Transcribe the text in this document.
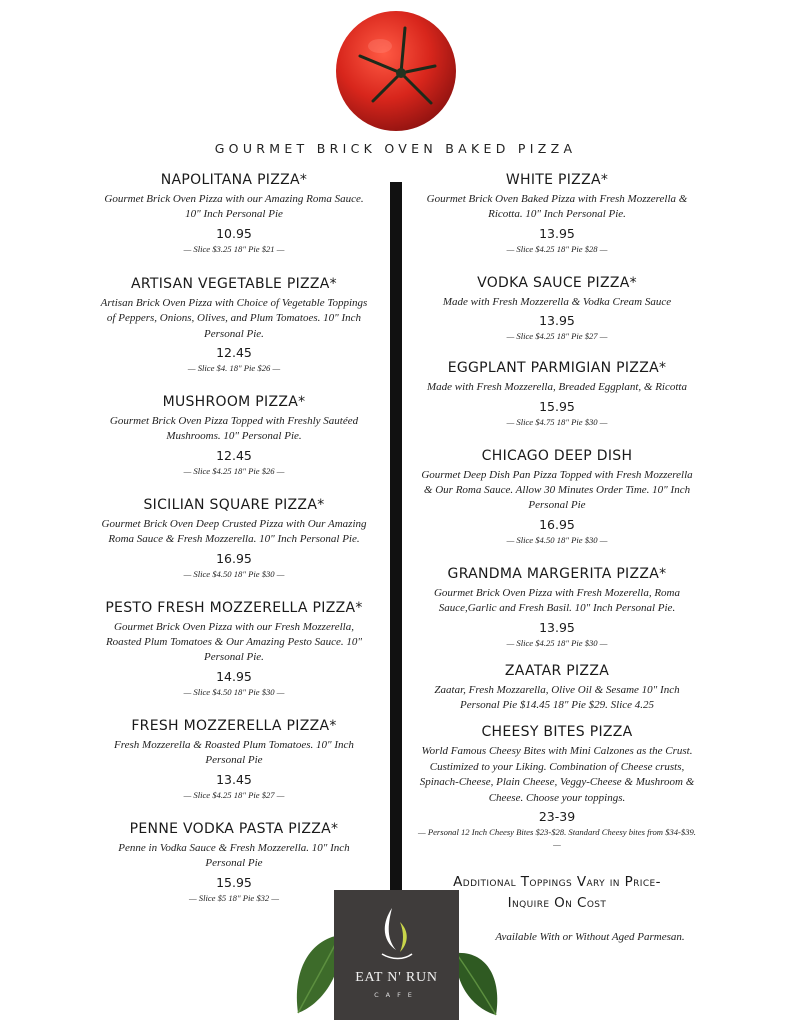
GOURMET BRICK OVEN BAKED PIZZA
NAPOLITANA PIZZA*

Gourmet Brick Oven Pizza with our Amazing Roma Sauce. 10" Inch Personal Pie

10.95

— Slice $3.25 18" Pie $21 —

ARTISAN VEGETABLE PIZZA*

Artisan Brick Oven Pizza with Choice of Vegetable Toppings of Peppers, Onions, Olives, and Plum Tomatoes. 10" Inch Personal Pie.

12.45

— Slice $4. 18" Pie $26 —

MUSHROOM PIZZA*

Gourmet Brick Oven Pizza Topped with Freshly Sautéed Mushrooms. 10" Personal Pie.

12.45

— Slice $4.25 18" Pie $26 —

SICILIAN SQUARE PIZZA*

Gourmet Brick Oven Deep Crusted Pizza with Our Amazing Roma Sauce & Fresh Mozzerella. 10" Inch Personal Pie.

16.95

— Slice $4.50 18" Pie $30 —

PESTO FRESH MOZZERELLA PIZZA*

Gourmet Brick Oven Pizza with our Fresh Mozzerella, Roasted Plum Tomatoes & Our Amazing Pesto Sauce. 10" Personal Pie.

14.95

— Slice $4.50 18" Pie $30 —

FRESH MOZZERELLA PIZZA*

Fresh Mozzerella & Roasted Plum Tomatoes. 10" Inch Personal Pie

13.45

— Slice $4.25 18" Pie $27 —

PENNE VODKA PASTA PIZZA*

Penne in Vodka Sauce & Fresh Mozzerella. 10" Inch Personal Pie

15.95

— Slice $5 18" Pie $32 —

WHITE PIZZA*

Gourmet Brick Oven Baked Pizza with Fresh Mozzerella & Ricotta. 10" Inch Personal Pie.

13.95

— Slice $4.25 18" Pie $28 —

VODKA SAUCE PIZZA*

Made with Fresh Mozzerella & Vodka Cream Sauce

13.95

— Slice $4.25 18" Pie $27 —

EGGPLANT PARMIGIAN PIZZA*

Made with Fresh Mozzerella, Breaded Eggplant, & Ricotta

15.95

— Slice $4.75 18" Pie $30 —

CHICAGO DEEP DISH

Gourmet Deep Dish Pan Pizza Topped with Fresh Mozzerella & Our Roma Sauce. Allow 30 Minutes Order Time. 10" Inch Personal Pie

16.95

— Slice $4.50 18" Pie $30 —

GRANDMA MARGERITA PIZZA*

Gourmet Brick Oven Pizza with Fresh Mozerella, Roma Sauce,Garlic and Fresh Basil. 10" Inch Personal Pie.

13.95

— Slice $4.25 18" Pie $30 —

ZAATAR PIZZA

Zaatar, Fresh Mozzarella, Olive Oil & Sesame 10" Inch Personal Pie $14.45 18" Pie $29. Slice 4.25

CHEESY BITES PIZZA

World Famous Cheesy Bites with Mini Calzones as the Crust. Custimized to your Liking. Combination of Cheese crusts, Spinach-Cheese, Plain Cheese, Veggy-Cheese & Mushroom & Cheese. Choose your toppings.

23-39

— Personal 12 Inch Cheesy Bites $23-$28. Standard Cheesy bites from $34-$39. —

Additional Toppings Vary in Price-
Inquire On Cost
Available With or Without Aged Parmesan.
EAT N' RUN
CAFE
